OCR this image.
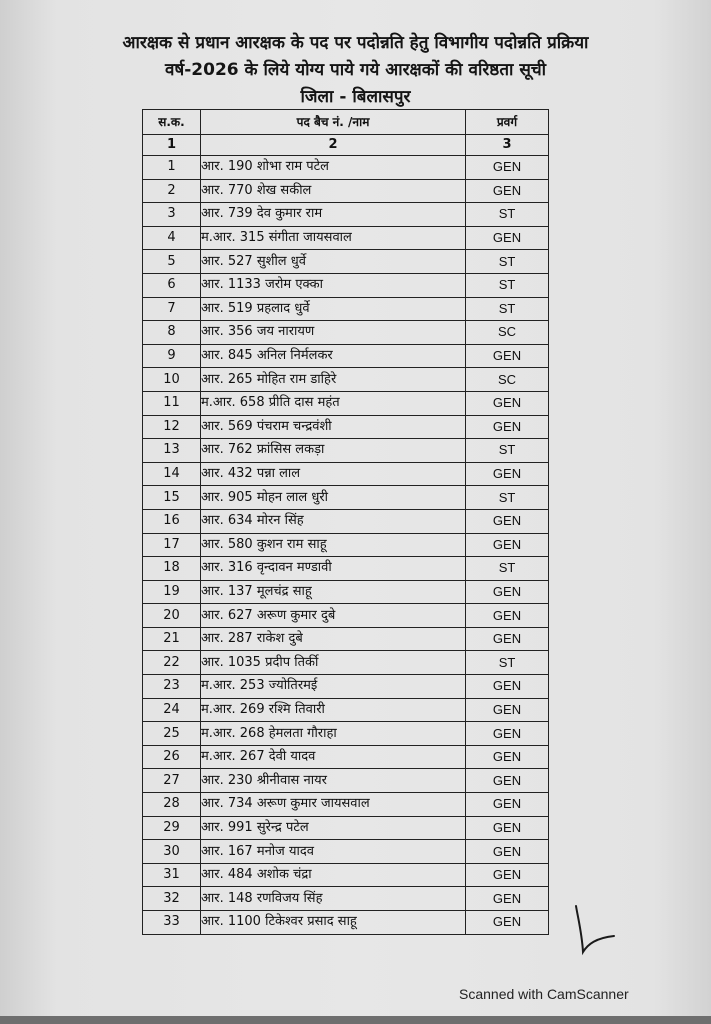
आरक्षक से प्रधान आरक्षक के पद पर पदोन्नति हेतु विभागीय पदोन्नति प्रक्रिया
वर्ष-2026 के लिये योग्य पाये गये आरक्षकों की वरिष्ठता सूची
जिला - बिलासपुर
स.क.	पद बैच नं. /नाम	प्रवर्ग
1	2	3
1	आर. 190 शोभा राम पटेल	GEN
2	आर. 770 शेख सकील	GEN
3	आर. 739 देव कुमार राम	ST
4	म.आर. 315 संगीता जायसवाल	GEN
5	आर. 527 सुशील धुर्वे	ST
6	आर. 1133 जरोम एक्का	ST
7	आर. 519 प्रहलाद धुर्वे	ST
8	आर. 356 जय नारायण	SC
9	आर. 845 अनिल निर्मलकर	GEN
10	आर. 265 मोहित राम डाहिरे	SC
11	म.आर. 658 प्रीति दास महंत	GEN
12	आर. 569 पंचराम चन्द्रवंशी	GEN
13	आर. 762 फ्रांसिस लकड़ा	ST
14	आर. 432 पन्ना लाल	GEN
15	आर. 905 मोहन लाल धुरी	ST
16	आर. 634 मोरन सिंह	GEN
17	आर. 580 कुशन राम साहू	GEN
18	आर. 316 वृन्दावन मण्डावी	ST
19	आर. 137 मूलचंद्र साहू	GEN
20	आर. 627 अरूण कुमार दुबे	GEN
21	आर. 287 राकेश दुबे	GEN
22	आर. 1035 प्रदीप तिर्की	ST
23	म.आर. 253 ज्योतिरमई	GEN
24	म.आर. 269 रश्मि तिवारी	GEN
25	म.आर. 268 हेमलता गौराहा	GEN
26	म.आर. 267 देवी यादव	GEN
27	आर. 230 श्रीनीवास नायर	GEN
28	आर. 734 अरूण कुमार जायसवाल	GEN
29	आर. 991 सुरेन्द्र पटेल	GEN
30	आर. 167 मनोज यादव	GEN
31	आर. 484 अशोक चंद्रा	GEN
32	आर. 148 रणविजय सिंह	GEN
33	आर. 1100 टिकेश्वर प्रसाद साहू	GEN
Scanned with CamScanner
